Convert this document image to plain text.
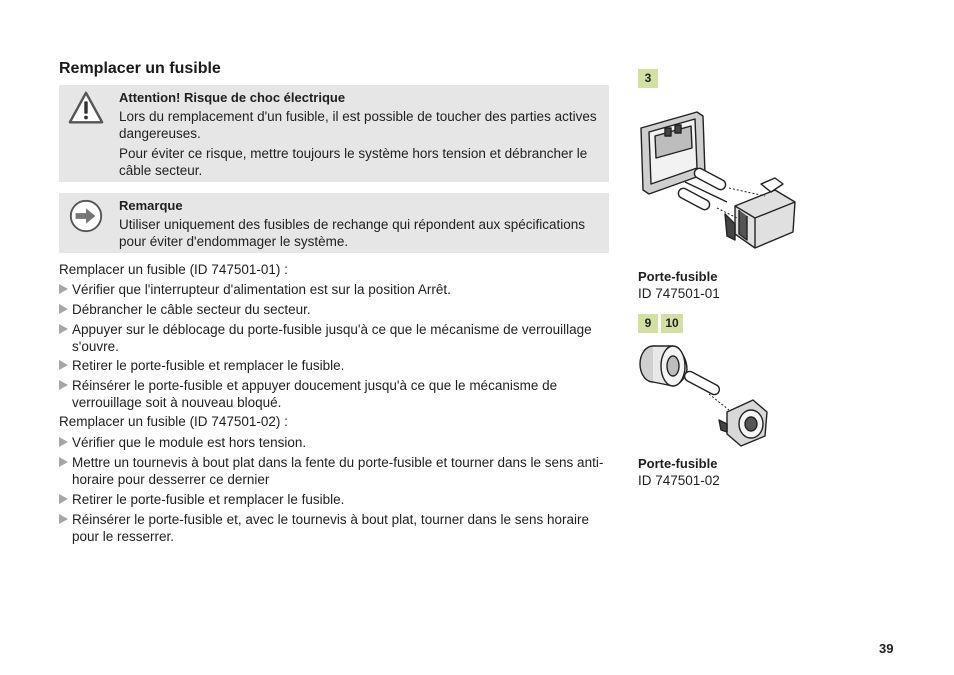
Remplacer un fusible
Attention! Risque de choc électrique
Lors du remplacement d'un fusible, il est possible de toucher des parties actives dangereuses.
Pour éviter ce risque, mettre toujours le système hors tension et débrancher le câble secteur.
Remarque
Utiliser uniquement des fusibles de rechange qui répondent aux spécifications pour éviter d'endommager le système.
Remplacer un fusible (ID 747501-01) :
Vérifier que l'interrupteur d'alimentation est sur la position Arrêt.
Débrancher le câble secteur du secteur.
Appuyer sur le déblocage du porte-fusible jusqu'à ce que le mécanisme de verrouillage s'ouvre.
Retirer le porte-fusible et remplacer le fusible.
Réinsérer le porte-fusible et appuyer doucement jusqu'à ce que le mécanisme de verrouillage soit à nouveau bloqué.
Remplacer un fusible (ID 747501-02) :
Vérifier que le module est hors tension.
Mettre un tournevis à bout plat dans la fente du porte-fusible et tourner dans le sens anti-horaire pour desserrer ce dernier
Retirer le porte-fusible et remplacer le fusible.
Réinsérer le porte-fusible et, avec le tournevis à bout plat, tourner dans le sens horaire pour le resserrer.
3
Porte-fusible
ID 747501-01
9	10
Porte-fusible
ID 747501-02
39
